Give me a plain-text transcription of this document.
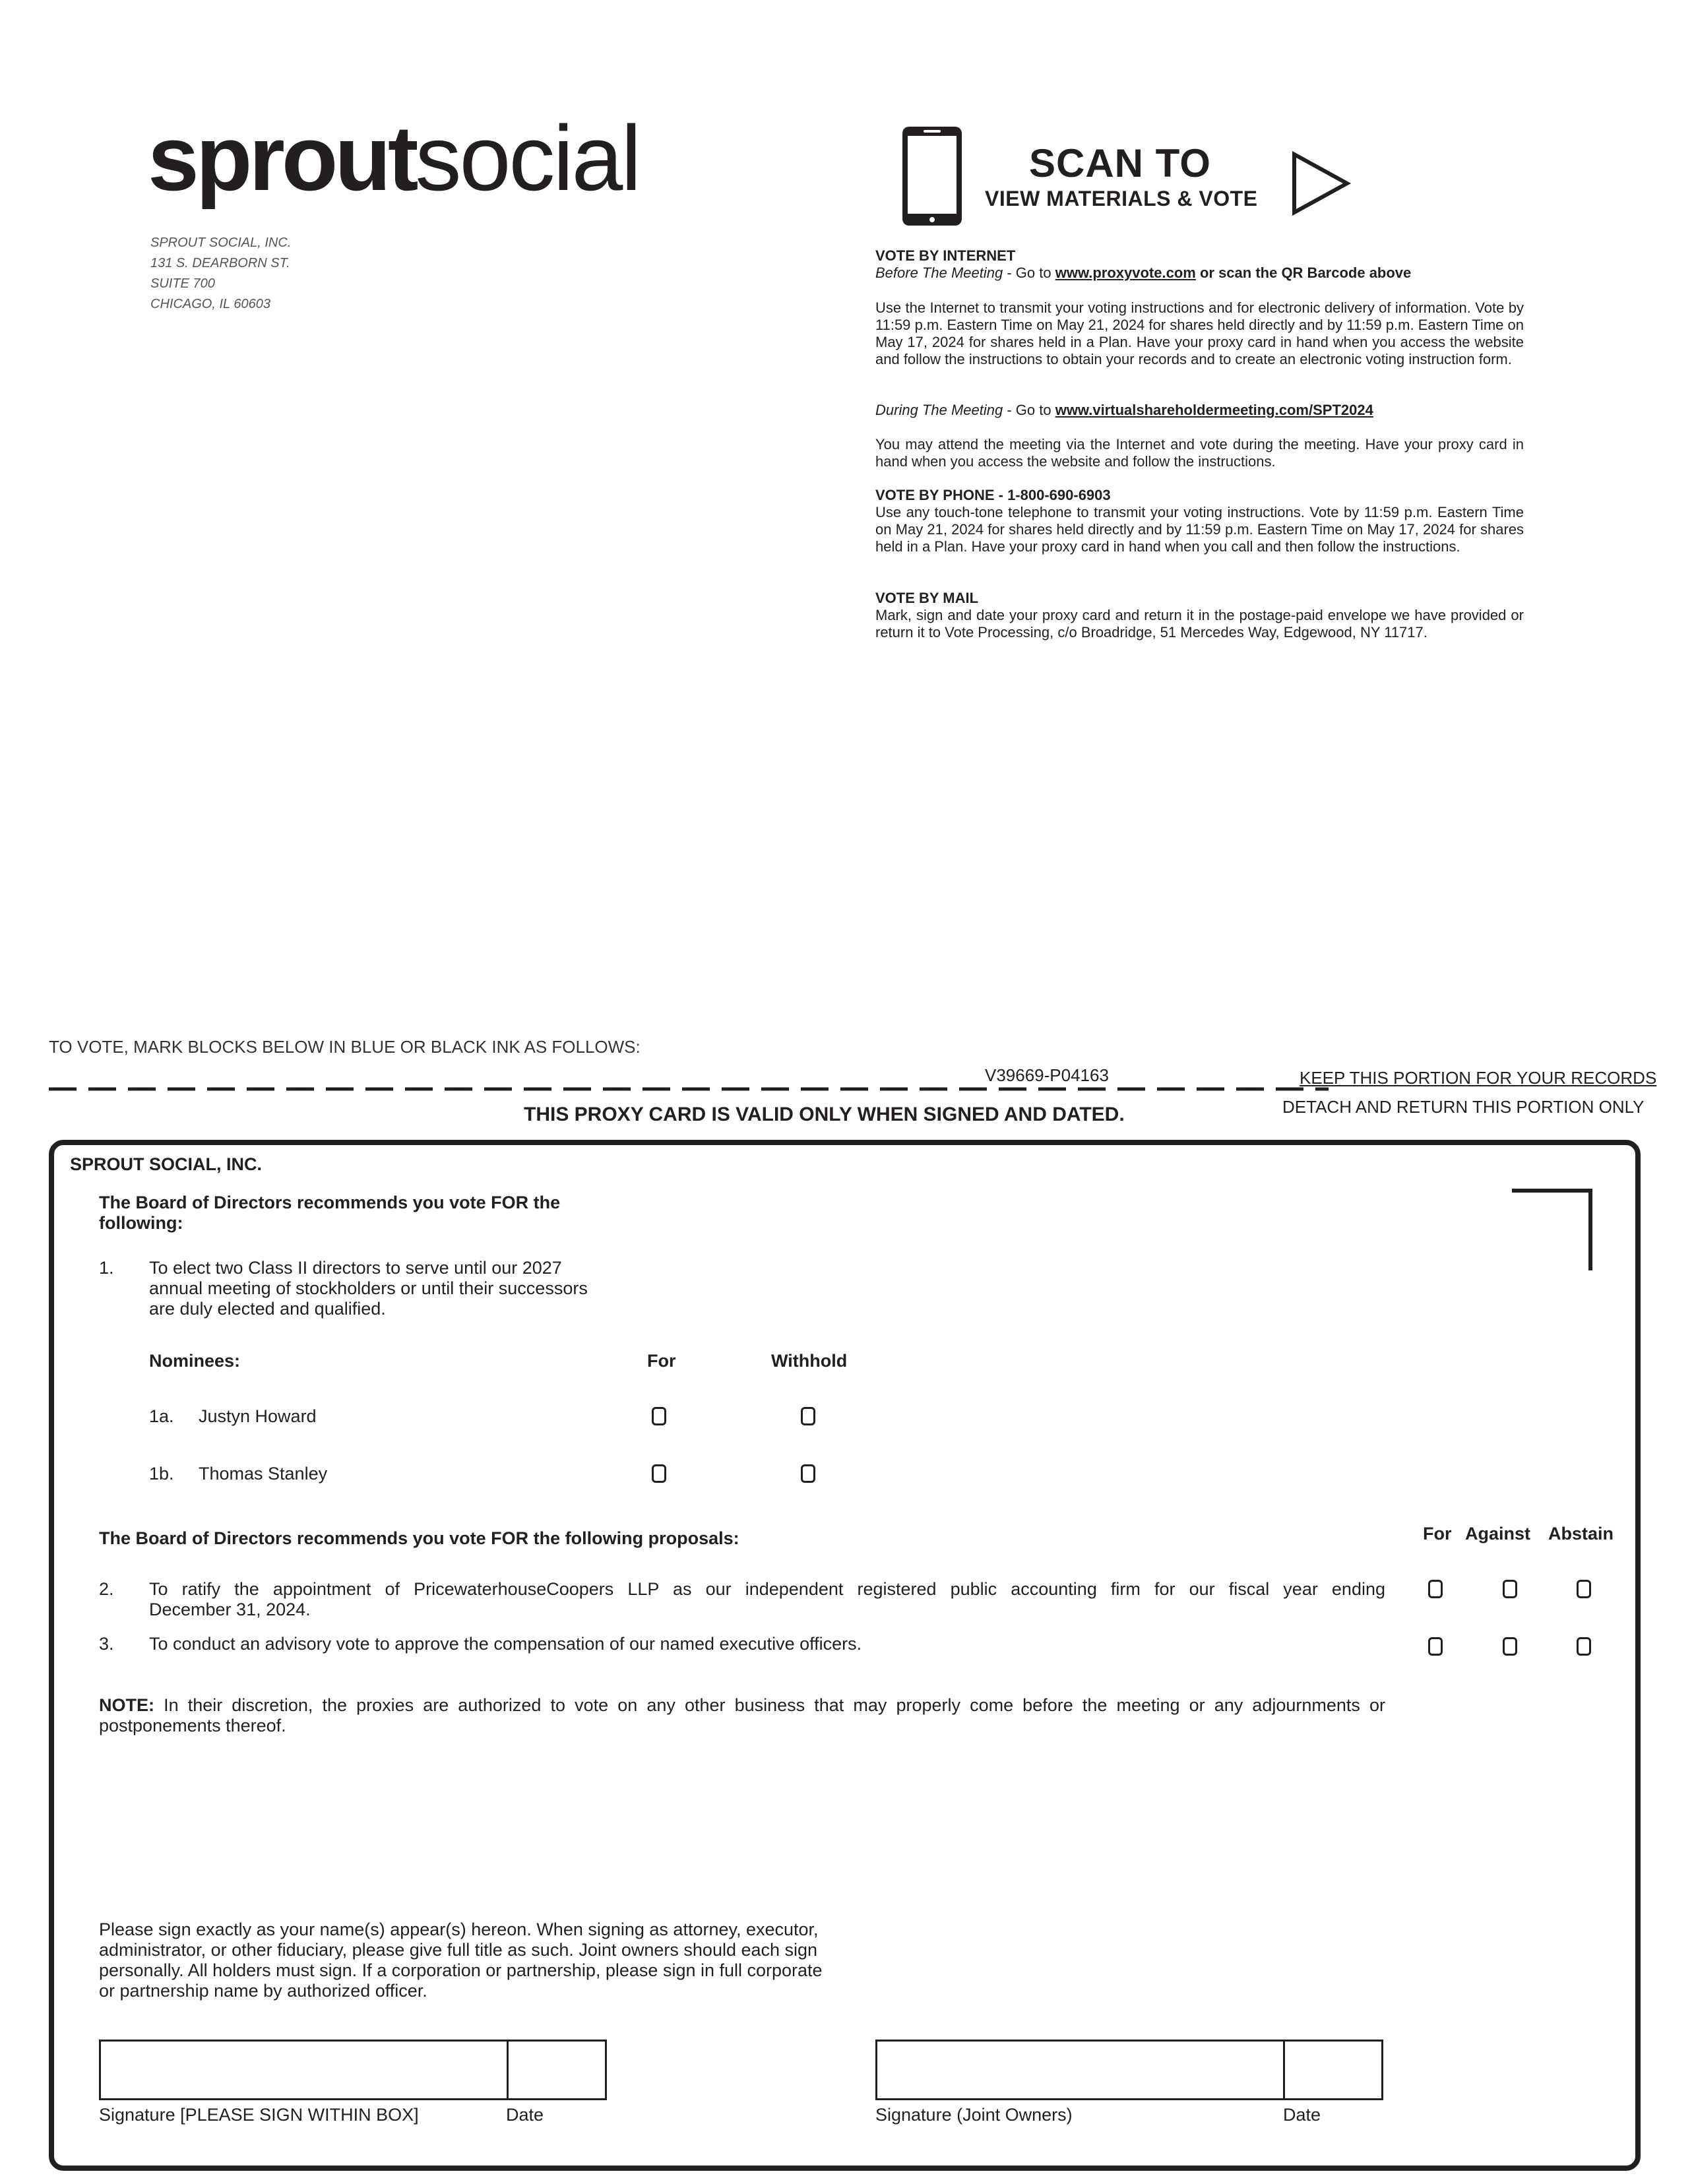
sproutsocial
SPROUT SOCIAL, INC.
131 S. DEARBORN ST.
SUITE 700
CHICAGO, IL 60603
SCAN TO
VIEW MATERIALS & VOTE
VOTE BY INTERNET
Before The Meeting - Go to www.proxyvote.com or scan the QR Barcode above
Use the Internet to transmit your voting instructions and for electronic delivery of information. Vote by 11:59 p.m. Eastern Time on May 21, 2024 for shares held directly and by 11:59 p.m. Eastern Time on May 17, 2024 for shares held in a Plan. Have your proxy card in hand when you access the website and follow the instructions to obtain your records and to create an electronic voting instruction form.
During The Meeting - Go to www.virtualshareholdermeeting.com/SPT2024
You may attend the meeting via the Internet and vote during the meeting. Have your proxy card in hand when you access the website and follow the instructions.
VOTE BY PHONE - 1-800-690-6903
Use any touch-tone telephone to transmit your voting instructions. Vote by 11:59 p.m. Eastern Time on May 21, 2024 for shares held directly and by 11:59 p.m. Eastern Time on May 17, 2024 for shares held in a Plan. Have your proxy card in hand when you call and then follow the instructions.
VOTE BY MAIL
Mark, sign and date your proxy card and return it in the postage-paid envelope we have provided or return it to Vote Processing, c/o Broadridge, 51 Mercedes Way, Edgewood, NY 11717.
TO VOTE, MARK BLOCKS BELOW IN BLUE OR BLACK INK AS FOLLOWS:
V39669-P04163	KEEP THIS PORTION FOR YOUR RECORDS
THIS PROXY CARD IS VALID ONLY WHEN SIGNED AND DATED.	DETACH AND RETURN THIS PORTION ONLY
SPROUT SOCIAL, INC.
The Board of Directors recommends you vote FOR the
following:
1. To elect two Class II directors to serve until our 2027
annual meeting of stockholders or until their successors
are duly elected and qualified.
Nominees:	For	Withhold
1a. Justyn Howard
1b. Thomas Stanley
The Board of Directors recommends you vote FOR the following proposals:	For Against Abstain
2. To ratify the appointment of PricewaterhouseCoopers LLP as our independent registered public accounting firm for our fiscal year ending
December 31, 2024.
3. To conduct an advisory vote to approve the compensation of our named executive officers.
NOTE: In their discretion, the proxies are authorized to vote on any other business that may properly come before the meeting or any adjournments or
postponements thereof.
Please sign exactly as your name(s) appear(s) hereon. When signing as attorney, executor,
administrator, or other fiduciary, please give full title as such. Joint owners should each sign
personally. All holders must sign. If a corporation or partnership, please sign in full corporate
or partnership name by authorized officer.
Signature [PLEASE SIGN WITHIN BOX]	Date	Signature (Joint Owners)	Date
